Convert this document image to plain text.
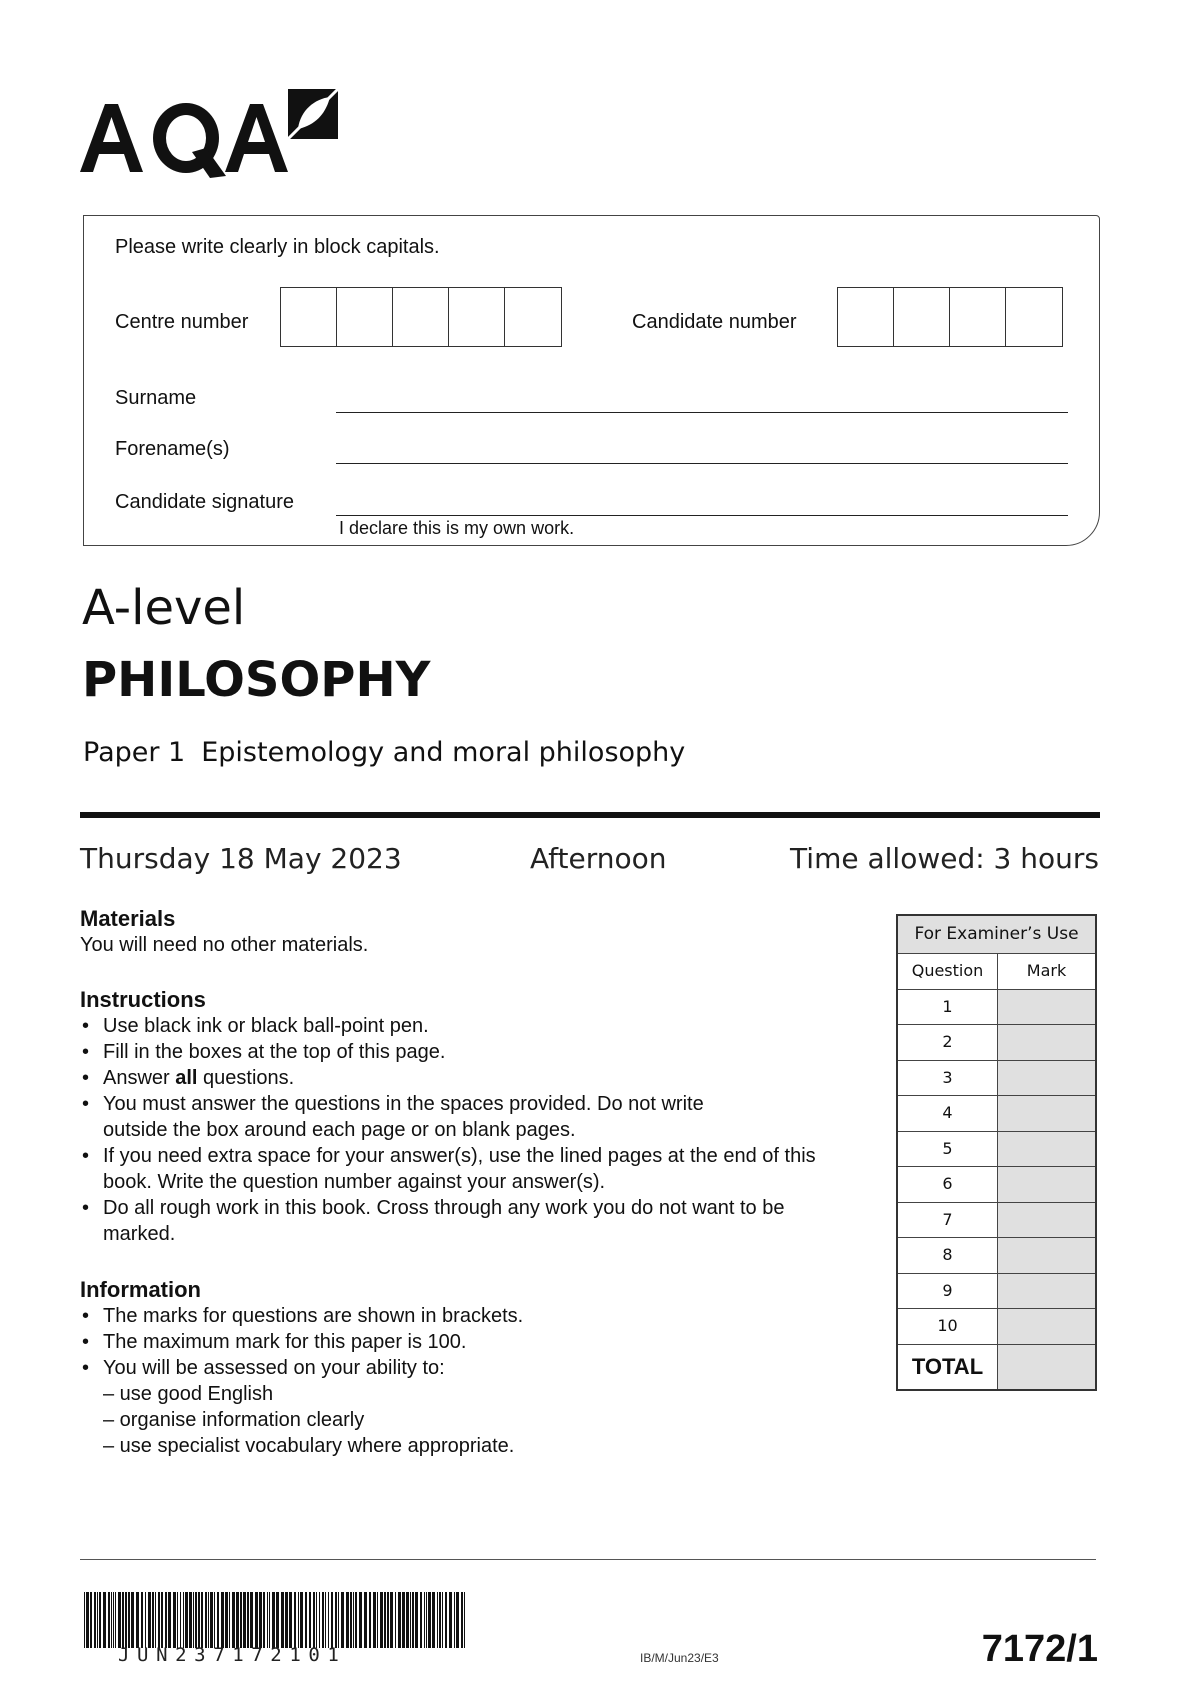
Please write clearly in block capitals.
Centre number	Candidate number
Surname
Forename(s)
Candidate signature
I declare this is my own work.
A-level
PHILOSOPHY
Paper 1 Epistemology and moral philosophy
Thursday 18 May 2023	Afternoon	Time allowed: 3 hours
Materials
You will need no other materials.
Instructions
• Use black ink or black ball-point pen.
• Fill in the boxes at the top of this page.
• Answer all questions.
• You must answer the questions in the spaces provided. Do not write outside the box around each page or on blank pages.
• If you need extra space for your answer(s), use the lined pages at the end of this book. Write the question number against your answer(s).
• Do all rough work in this book. Cross through any work you do not want to be marked.
Information
• The marks for questions are shown in brackets.
• The maximum mark for this paper is 100.
• You will be assessed on your ability to:
– use good English
– organise information clearly
– use specialist vocabulary where appropriate.
For Examiner’s Use
Question	Mark
1
2
3
4
5
6
7
8
9
10
TOTAL
JUN237172101	IB/M/Jun23/E3	7172/1
